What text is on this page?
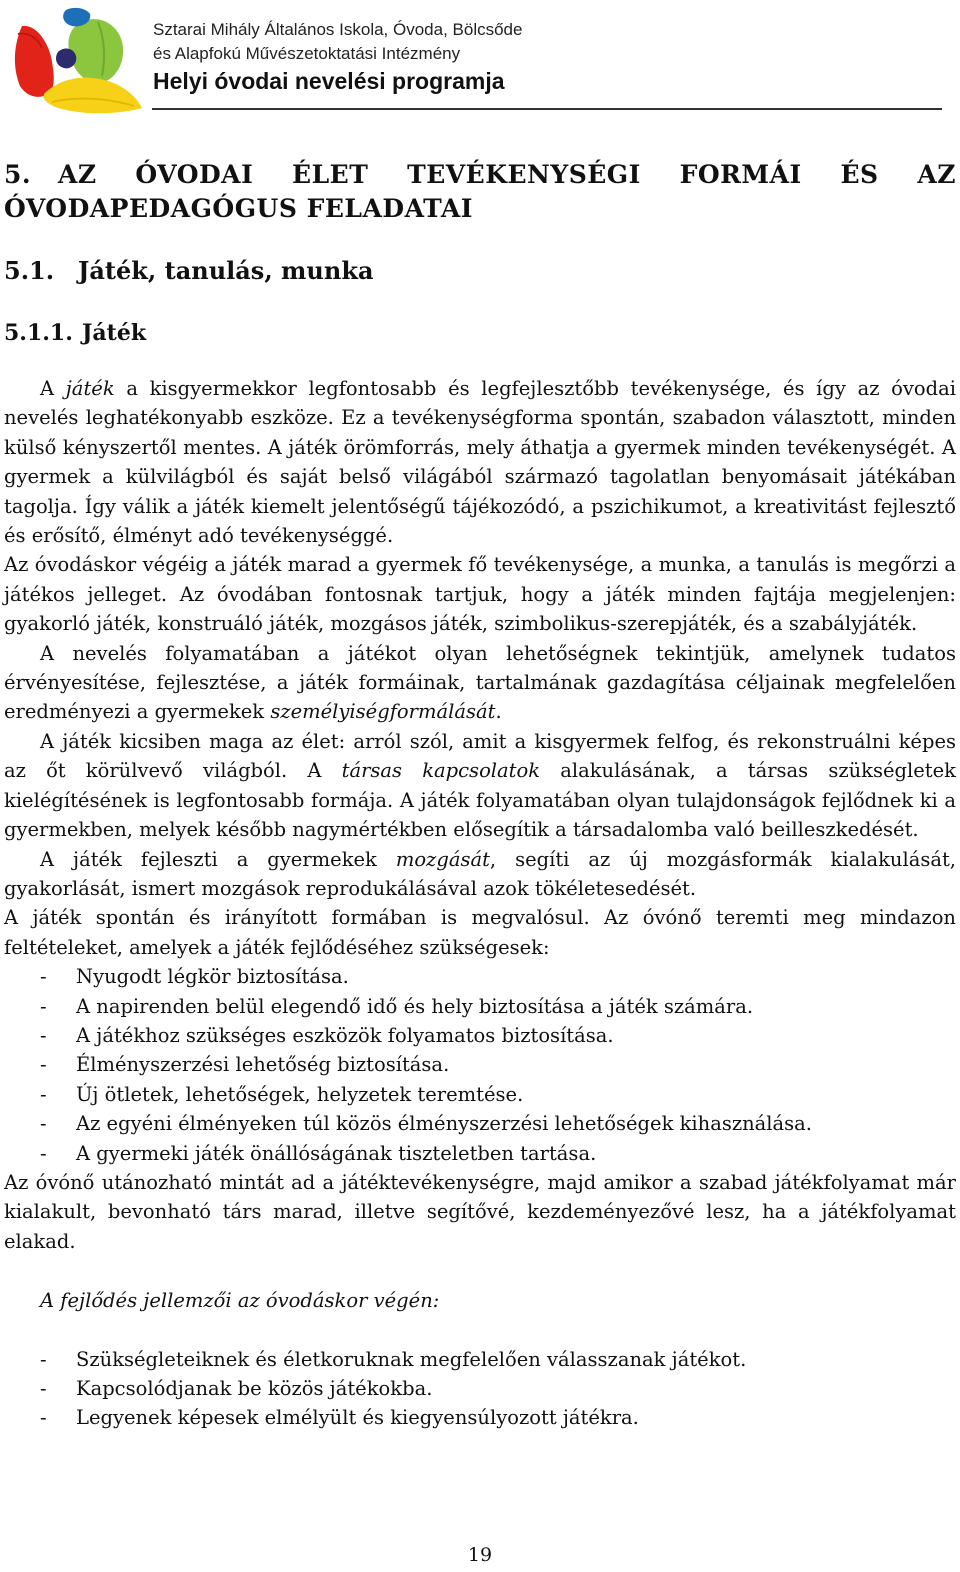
Sztarai Mihály Általános Iskola, Óvoda, Bölcsőde
és Alapfokú Művészetoktatási Intézmény
Helyi óvodai nevelési programja
5. AZ ÓVODAI ÉLET TEVÉKENYSÉGI FORMÁI ÉS AZ
ÓVODAPEDAGÓGUS FELADATAI
5.1. Játék, tanulás, munka
5.1.1. Játék

A játék a kisgyermekkor legfontosabb és legfejlesztőbb tevékenysége, és így az óvodai nevelés leghatékonyabb eszköze. Ez a tevékenységforma spontán, szabadon választott, minden külső kényszertől mentes. A játék örömforrás, mely áthatja a gyermek minden tevékenységét. A gyermek a külvilágból és saját belső világából származó tagolatlan benyomásait játékában tagolja. Így válik a játék kiemelt jelentőségű tájékozódó, a pszichikumot, a kreativitást fejlesztő és erősítő, élményt adó tevékenységgé.

Az óvodáskor végéig a játék marad a gyermek fő tevékenysége, a munka, a tanulás is megőrzi a játékos jelleget. Az óvodában fontosnak tartjuk, hogy a játék minden fajtája megjelenjen: gyakorló játék, konstruáló játék, mozgásos játék, szimbolikus-szerepjáték, és a szabályjáték.

A nevelés folyamatában a játékot olyan lehetőségnek tekintjük, amelynek tudatos érvényesítése, fejlesztése, a játék formáinak, tartalmának gazdagítása céljainak megfelelően eredményezi a gyermekek személyiségformálását.

A játék kicsiben maga az élet: arról szól, amit a kisgyermek felfog, és rekonstruálni képes az őt körülvevő világból. A társas kapcsolatok alakulásának, a társas szükségletek kielégítésének is legfontosabb formája. A játék folyamatában olyan tulajdonságok fejlődnek ki a gyermekben, melyek később nagymértékben elősegítik a társadalomba való beilleszkedését.

A játék fejleszti a gyermekek mozgását, segíti az új mozgásformák kialakulását, gyakorlását, ismert mozgások reprodukálásával azok tökéletesedését.

A játék spontán és irányított formában is megvalósul. Az óvónő teremti meg mindazon feltételeket, amelyek a játék fejlődéséhez szükségesek:

- Nyugodt légkör biztosítása.
- A napirenden belül elegendő idő és hely biztosítása a játék számára.
- A játékhoz szükséges eszközök folyamatos biztosítása.
- Élményszerzési lehetőség biztosítása.
- Új ötletek, lehetőségek, helyzetek teremtése.
- Az egyéni élményeken túl közös élményszerzési lehetőségek kihasználása.
- A gyermeki játék önállóságának tiszteletben tartása.

Az óvónő utánozható mintát ad a játéktevékenységre, majd amikor a szabad játékfolyamat már kialakult, bevonható társ marad, illetve segítővé, kezdeményezővé lesz, ha a játékfolyamat elakad.

A fejlődés jellemzői az óvodáskor végén:
- Szükségleteiknek és életkoruknak megfelelően válasszanak játékot.
- Kapcsolódjanak be közös játékokba.
- Legyenek képesek elmélyült és kiegyensúlyozott játékra.
19
